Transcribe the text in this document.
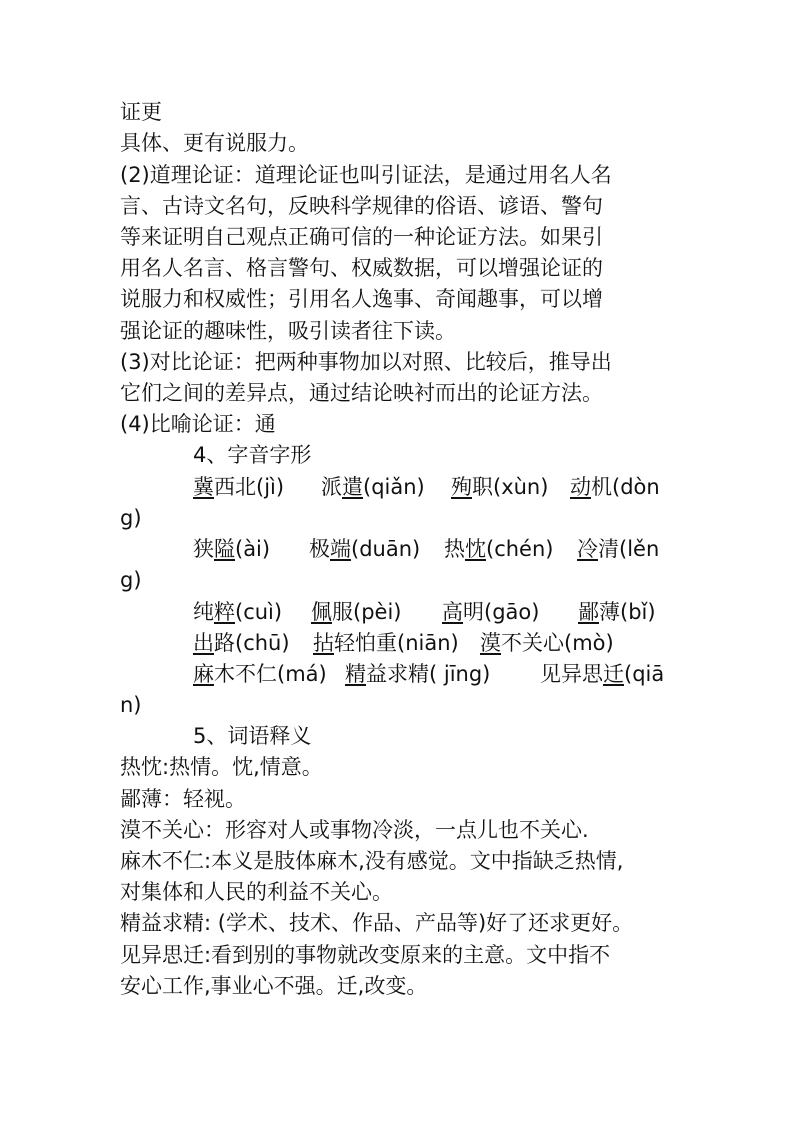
证更
具体、更有说服力。
(2)道理论证：道理论证也叫引证法，是通过用名人名
言、古诗文名句，反映科学规律的俗语、谚语、警句
等来证明自己观点正确可信的一种论证方法。如果引
用名人名言、格言警句、权威数据，可以增强论证的
说服力和权威性；引用名人逸事、奇闻趣事，可以增
强论证的趣味性，吸引读者往下读。
(3)对比论证：把两种事物加以对照、比较后，推导出
它们之间的差异点，通过结论映衬而出的论证方法。
(4)比喻论证：通
4、字音字形
冀西北(jì) 派遣(qiǎn) 殉职(xùn) 动机(dòn
g)
狭隘(ài) 极端(duān) 热忱(chén) 冷清(lěn
g)
纯粹(cuì) 佩服(pèi) 高明(gāo) 鄙薄(bǐ)
出路(chū) 拈轻怕重(niān) 漠不关心(mò)
麻木不仁(má) 精益求精( jīng) 见异思迁(qiā
n)
5、词语释义
热忱:热情。忱,情意。
鄙薄：轻视。
漠不关心：形容对人或事物冷淡，一点儿也不关心.
麻木不仁:本义是肢体麻木,没有感觉。文中指缺乏热情,
对集体和人民的利益不关心。
精益求精: (学术、技术、作品、产品等)好了还求更好。
见异思迁:看到别的事物就改变原来的主意。文中指不
安心工作,事业心不强。迁,改变。
